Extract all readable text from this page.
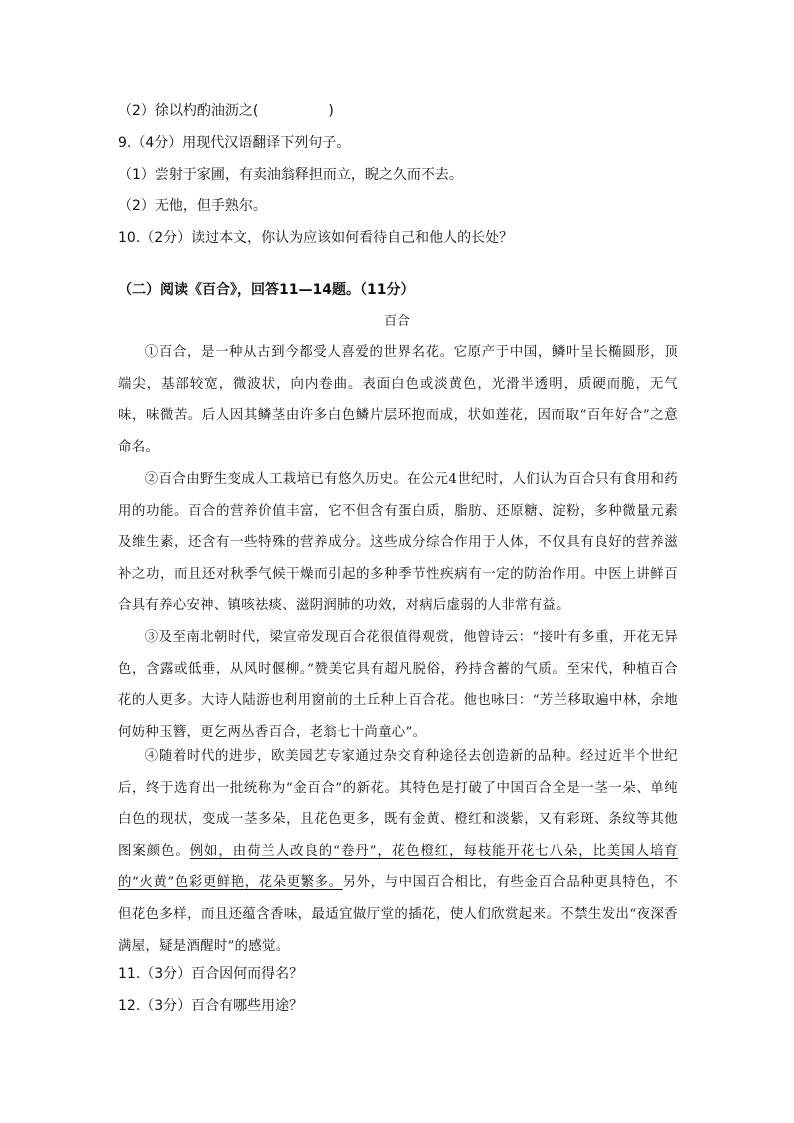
（2）徐以杓酌油沥之(	)
9.（4分）用现代汉语翻译下列句子。
（1）尝射于家圃，有卖油翁释担而立，睨之久而不去。
（2）无他，但手熟尔。
10.（2分）读过本文，你认为应该如何看待自己和他人的长处？
（二）阅读《百合》，回答11—14题。（11分）
百合
①百合，是一种从古到今都受人喜爱的世界名花。它原产于中国，鳞叶呈长椭圆形，顶端尖，基部较宽，微波状，向内卷曲。表面白色或淡黄色，光滑半透明，质硬而脆，无气味，味微苦。后人因其鳞茎由许多白色鳞片层环抱而成，状如莲花，因而取“百年好合”之意命名。
②百合由野生变成人工栽培已有悠久历史。在公元4世纪时，人们认为百合只有食用和药用的功能。百合的营养价值丰富，它不但含有蛋白质，脂肪、还原糖、淀粉，多种微量元素及维生素，还含有一些特殊的营养成分。这些成分综合作用于人体，不仅具有良好的营养滋补之功，而且还对秋季气候干燥而引起的多种季节性疾病有一定的防治作用。中医上讲鲜百合具有养心安神、镇咳祛痰、滋阴润肺的功效，对病后虚弱的人非常有益。
③及至南北朝时代，梁宣帝发现百合花很值得观赏，他曾诗云：“接叶有多重，开花无异色，含露或低垂，从风时偃柳。”赞美它具有超凡脱俗，矜持含蓄的气质。至宋代，种植百合花的人更多。大诗人陆游也利用窗前的土丘种上百合花。他也咏曰：“芳兰移取遍中林，余地何妨种玉簪，更乞两丛香百合，老翁七十尚童心”。
④随着时代的进步，欧美园艺专家通过杂交育种途径去创造新的品种。经过近半个世纪后，终于选育出一批统称为“金百合”的新花。其特色是打破了中国百合全是一茎一朵、单纯白色的现状，变成一茎多朵，且花色更多，既有金黄、橙红和淡紫，又有彩斑、条纹等其他图案颜色。例如，由荷兰人改良的“卷丹”，花色橙红，每枝能开花七八朵，比美国人培育的“火黄”色彩更鲜艳，花朵更繁多。另外，与中国百合相比，有些金百合品种更具特色，不但花色多样，而且还蕴含香味，最适宜做厅堂的插花，使人们欣赏起来。不禁生发出“夜深香满屋，疑是酒醒时”的感觉。
11.（3分）百合因何而得名？
12.（3分）百合有哪些用途？
